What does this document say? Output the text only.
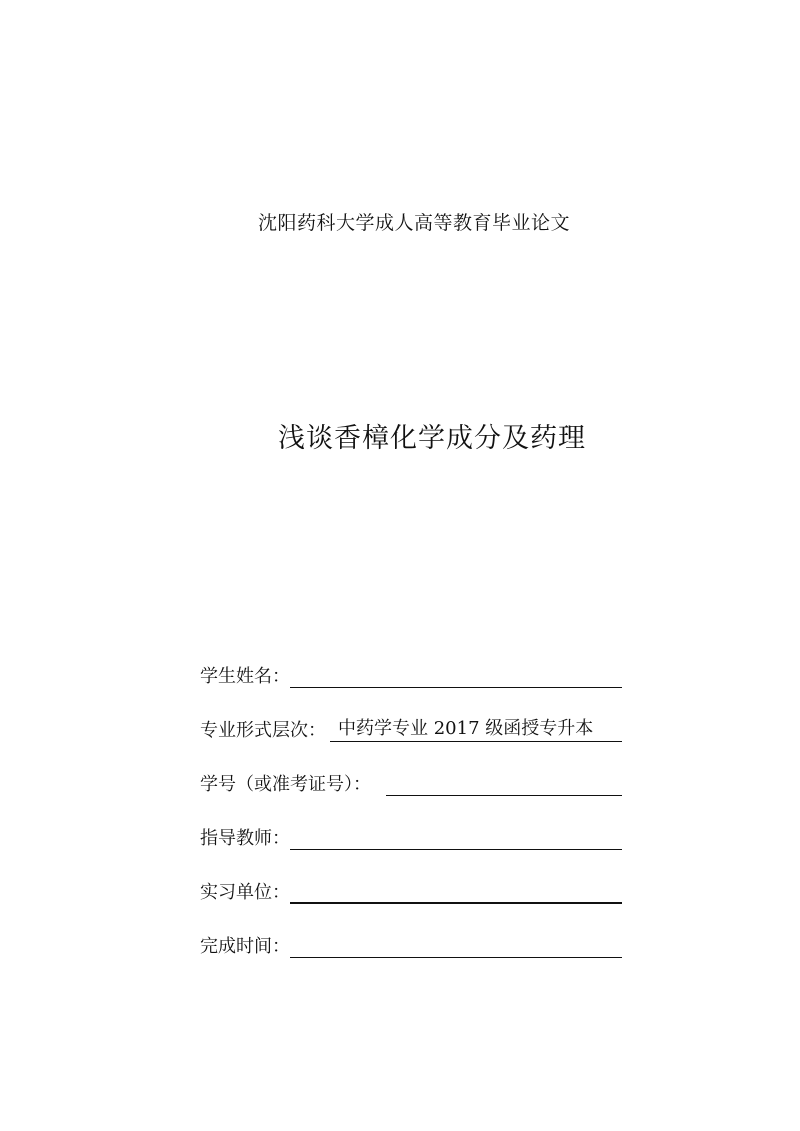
沈阳药科大学成人高等教育毕业论文
浅谈香樟化学成分及药理
学生姓名：
专业形式层次： 中药学专业 2017 级函授专升本
学号（或准考证号）：
指导教师：
实习单位：
完成时间：
